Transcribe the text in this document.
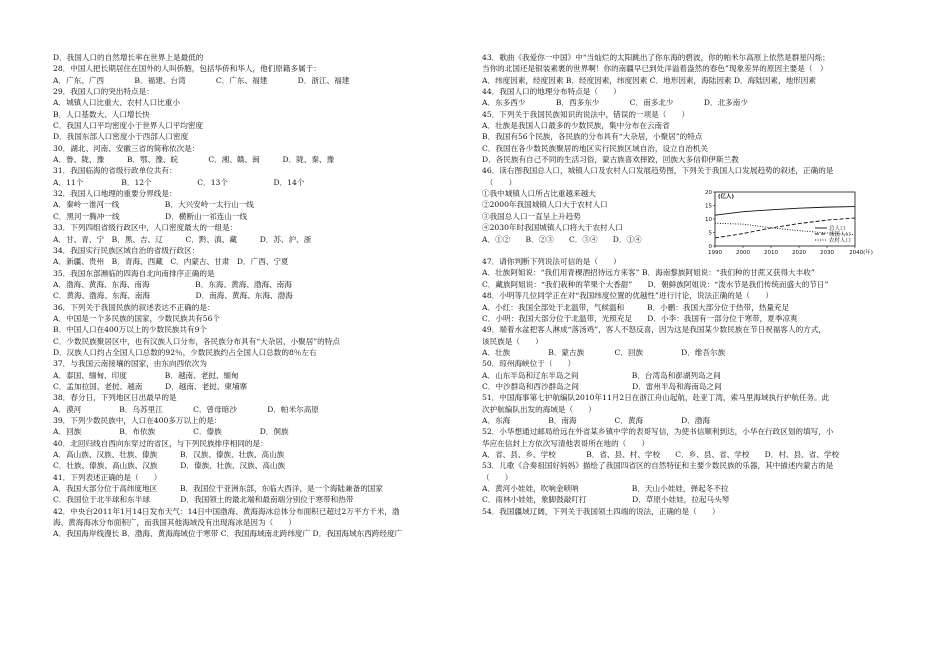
D．我国人口的自然增长率在世界上是最低的
28．中国人把长期居住在国外的人叫侨胞，包括华侨和华人，他们原籍多属于：
A．广东、广西　　　　B．福建、台湾　　　　C．广东、福建　　　　D．浙江、福建
29．我国人口的突出特点是：
A．城镇人口比重大、农村人口比重小
B．人口基数大、人口增长快
C．我国人口平均密度小于世界人口平均密度
D．我国东部人口密度小于西部人口密度
30．湖北、河南、安徽三省的简称依次是：
A．鲁、陇、豫　　　B．鄂、豫、皖　　　　C．湘、赣、闽　　　D．陇、秦、豫
31．我国临海的省级行政单位共有：
A．11个　　　　　B．12个　　　　　　C．13个　　　　　　D．14个
32．我国人口地理的重要分界线是：
A．秦岭一淮河一线　　　　　　B．大兴安岭一太行山一线
C．黑河一腾冲一线　　　　　　D．横断山一祁连山一线
33．下列四组省级行政区中，人口密度最大的一组是：
A．甘、青、宁　B．黑、吉、辽　　　C．黔、滇、藏　　　D．苏、沪、浙
34．我国实行民族区域自治的省级行政区：
A．新疆、贵州　B．青海、西藏　C．内蒙古、甘肃　D．广西、宁夏
35．我国东部濒临的四海自北向南排序正确的是
A．渤海、黄海、东海、南海　　　　　　B．东海、黄海、渤海、南海
C．黄海、渤海、东海、南海　　　　　　D．南海、黄海、东海、渤海
36．下列关于我国民族的叙述表达不正确的是：
A．中国是一个多民族的国家，少数民族共有56个
B．中国人口在400万以上的少数民族共有9个
C．少数民族聚居区中，也有汉族人口分布，各民族分布具有“大杂居，小聚居”的特点
D．汉族人口约占全国人口总数的92％，少数民族约占全国人口总数的8％左右
37．与我国云南接壤的国家，由东向西依次为
A．泰国、缅甸、印度　　　　　B．越南、老挝、缅甸
C．孟加拉国、老挝、越南　　　D．越南、老挝、柬埔寨
38．春分日，下列地区日出最早的是
A．漠河　　　　　B．乌苏里江　　　　C．曾母暗沙　　　　D．帕米尔高原
39．下列少数民族中，人口在400多万以上的是：
A．回族　　　　　B．布依族　　　　　C．傣族　　　　　D．侗族
40．北回归线自西向东穿过的省区，与下列民族排序相同的是：
A．高山族、汉族、壮族、傣族　　　B．汉族、傣族、壮族、高山族
C．壮族、傣族、高山族、汉族　　　D．傣族、壮族、汉族、高山族
41．下列表述正确的是（　　）
A．我国大部分位于高纬度地区　　　B．我国位于亚洲东部，东临大西洋，是一个海陆兼备的国家
C．我国位于北半球和东半球　　　　D．我国领土的最北端和最南端分别位于寒带和热带
42．中央台2011年1月14日发布天气：14日中国渤海、黄海海冰总体分布面积已超过2万平方千米，渤
海、黄海海冰分布面积广，而我国其他海域没有出现海冰是因为（　　）
A．我国海岸线漫长 B．渤海、黄海海域位于寒带 C．我国海域南北跨纬度广 D．我国海域东西跨经度广
43．歌曲《我爱你一中国》中“当灿烂的太阳跳出了你东海的碧波，你的帕米尔高原上依然是群星闪烁；
当你的北国还是银装素裹的世界啊！你的南疆早已到处洋溢着盎然的春色”现象差异的原因主要是（　）
A．纬度因素，经度因素 B．经度因素，纬度因素 C．地形因素，海陆因素 D．海陆因素，地形因素
44．我国人口的地理分布特点是（　　）
A．东多西少　　　　B．西多东少　　　　C．南多北少　　　　D．北多南少
45．下列关于我国民族知识的说法中，错误的一项是（　　）
A．壮族是我国人口最多的少数民族，集中分布在云南省
B．我国有56个民族，各民族的分布具有“大杂居，小聚居”的特点
C．我国在各少数民族聚居的地区实行民族区域自治，设立自治机关
D．各民族有自己不同的生活习俗，蒙古族喜欢摔跤，回族大多信仰伊斯兰教
46．读右图我国总人口，城镇人口及农村人口发展趋势图，下列关于我国人口发展趋势的叙述，正确的是
　（　　）
①我中城镇人口所占比重越来越大
②2000年我国城镇人口大于农村人口
③我国总人口一直呈上升趋势
④2030年时我国城镇人口将大于农村人口
A．①②　　B．②③　　C．③④　　D．①④
0
5
10
15
20
1990	2000	2010	2020	2030	2040(年)
(亿人)
总人口
城镇人口
农村人口
47．请你判断下列说法可信的是（　　）
A．壮族阿姐说：“我们用青稞酒招待远方来客” B．海南黎族阿姐说：“我们种的甘蔗又获得大丰收”
C．藏族阿姐说：“我们栽种的苹果个大香甜”　　D．朝鲜族阿姐说：“泼水节是我们传统而盛大的节日”
48．小明等几位同学正在对“我国纬度位置的优越性”进行讨论，说法正确的是（　　）
A．小红：我国全部处于北温带，气候温和　　　B．小鹏：我国大部分位于热带，热量充足
C．小明：我国大部分位于北温带，光照充足　　D．小李：我国有一部分位于寒带，夏季凉爽
49．端着水盆把客人淋成“落汤鸡”，客人不怒反喜，因为这是我国某少数民族在节日祝福客人的方式，
该民族是（　　）
A．壮族　　　　　B．蒙古族　　　　C．回族　　　　　D．维吾尔族
50．琼州海峡位于（　　）
A．山东半岛和辽东半岛之间　　　　　　　B．台湾岛和澎湖列岛之间
C．中沙群岛和西沙群岛之间　　　　　　　D．雷州半岛和海南岛之间
51．中国海事第七护航编队2010年11月2日在浙江舟山起航，赴亚丁湾，索马里海域执行护航任务。此
次护航编队出发的海域是（　　）
A．东海　　　　　B．南海　　　　　C．黄海　　　　　D．渤海
52．小华想通过邮局给远在外省某乡镇中学的表哥写信，为使书信顺利到达，小华在行政区划的填写，小
华应在信封上方依次写清他表哥所在地的（　　）
A．省、县、乡、学校　　　　B．省、县、村、学校　　C．乡、县、省、学校　　D．村、县、省、学校
53．儿歌《合奏祖国好妈妈》描绘了我国四省区的自然特征和主要少数民族的乐器，其中描述内蒙古的是
（　　）
A．黄河小娃娃，吹响金唢呐　　　　　　　B．天山小娃娃，弹起冬不拉
C．雨林小娃娃，象脚鼓敲叮打　　　　　　D．草原小娃娃，拉起马头琴
54．我国疆域辽阔，下列关于我国领土四端的说法，正确的是（　　）
